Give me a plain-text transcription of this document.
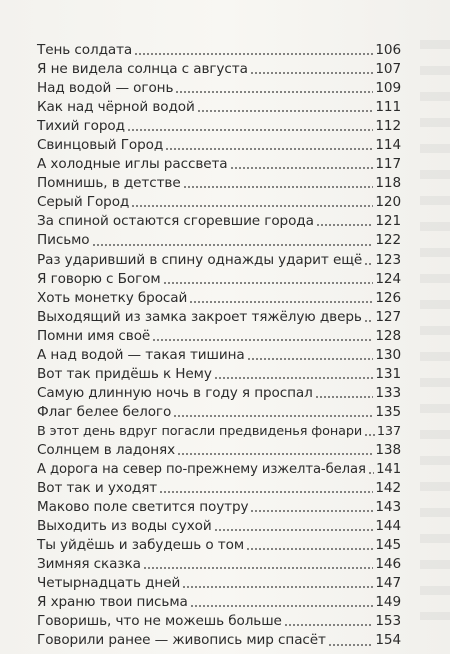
Тень солдата	106
Я не видела солнца с августа	107
Над водой — огонь	109
Как над чёрной водой	111
Тихий город	112
Свинцовый Город	114
А холодные иглы рассвета	117
Помнишь, в детстве	118
Серый Город	120
За спиной остаются сгоревшие города	121
Письмо	122
Раз ударивший в спину однажды ударит ещё 123
Я говорю с Богом	124
Хоть монетку бросай	126
Выходящий из замка закроет тяжёлую дверь 127
Помни имя своё	128
А над водой — такая тишина	130
Вот так придёшь к Нему	131
Самую длинную ночь в году я проспал	133
Флаг белее белого	135
В этот день вдруг погасли предвиденья фонари 137
Солнцем в ладонях	138
А дорога на север по-прежнему изжелта-белая 141
Вот так и уходят	142
Маково поле светится поутру	143
Выходить из воды сухой	144
Ты уйдёшь и забудешь о том	145
Зимняя сказка	146
Четырнадцать дней	147
Я храню твои письма	149
Говоришь, что не можешь больше	153
Говорили ранее — живопись мир спасёт	154
